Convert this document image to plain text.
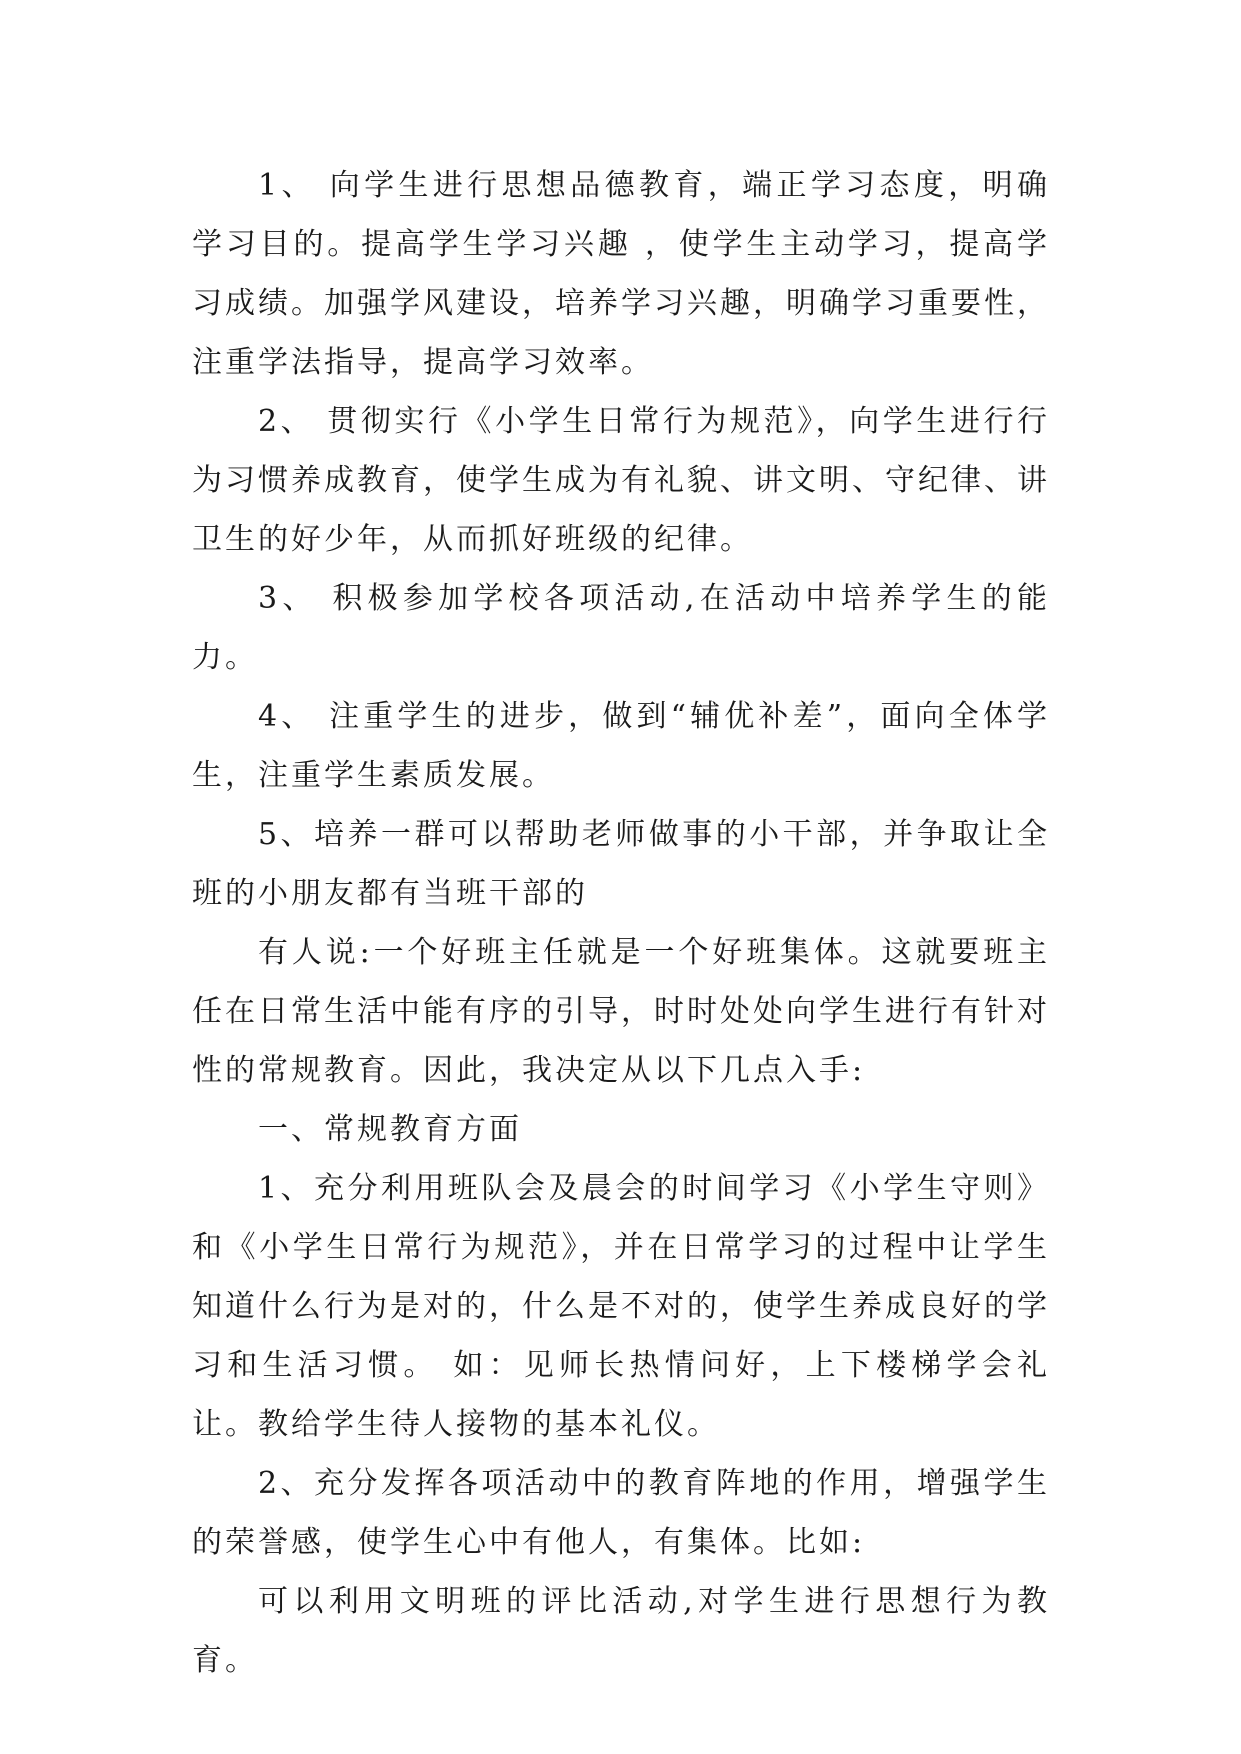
1、 向学生进行思想品德教育，端正学习态度，明确学习目的。提高学生学习兴趣 ，使学生主动学习，提高学习成绩。加强学风建设，培养学习兴趣，明确学习重要性，注重学法指导，提高学习效率。

2、 贯彻实行《小学生日常行为规范》，向学生进行行为习惯养成教育，使学生成为有礼貌、讲文明、守纪律、讲卫生的好少年，从而抓好班级的纪律。

3、 积极参加学校各项活动,在活动中培养学生的能力。

4、 注重学生的进步，做到“辅优补差”，面向全体学生，注重学生素质发展。

5、培养一群可以帮助老师做事的小干部，并争取让全班的小朋友都有当班干部的

有人说:一个好班主任就是一个好班集体。这就要班主任在日常生活中能有序的引导，时时处处向学生进行有针对性的常规教育。因此，我决定从以下几点入手:

一、常规教育方面

1、充分利用班队会及晨会的时间学习《小学生守则》和《小学生日常行为规范》，并在日常学习的过程中让学生知道什么行为是对的，什么是不对的，使学生养成良好的学习和生活习惯。 如：见师长热情问好，上下楼梯学会礼让。教给学生待人接物的基本礼仪。

2、充分发挥各项活动中的教育阵地的作用，增强学生的荣誉感，使学生心中有他人，有集体。比如:

可以利用文明班的评比活动,对学生进行思想行为教育。
